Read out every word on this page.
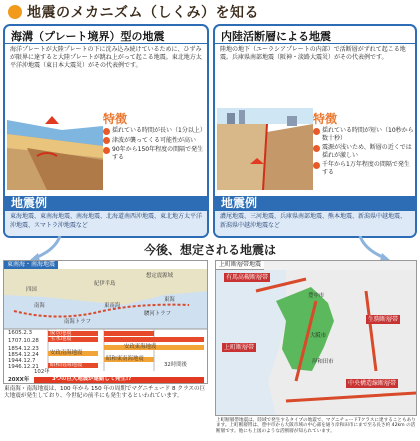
地震のメカニズム（しくみ）を知る
海溝（プレート境界）型の地震
海洋プレートが大陸プレートの下に沈み込み続けているために、ひずみが限界に達すると大陸プレートが跳ね上がって起こる地震。東北地方太平洋沖地震（東日本大震災）がその代表例です。
特徴
揺れている時間が長い（1分以上）
津波が襲ってくる可能性が高い
90年から150年程度の間隔で発生する
地震例
東海地震、東南海地震、南海地震、北海道南西沖地震、東北地方太平洋沖地震、スマトラ沖地震など
内陸活断層による地震
陸地の地下（ユーラシアプレートの内部）で活断層がずれて起こる地震。兵庫県南部地震（阪神・淡路大震災）がその代表例です。
特徴
揺れている時間が短い（10秒から数十秒）
震源が浅いため、断層の近くでは揺れが激しい
千年から1万年程度の間隔で発生する
地震例
濃尾地震、三河地震、兵庫県南部地震、熊本地震、新潟県中越地震、新潟県中越沖地震など
今後、想定される地震は
東南海・南海地震
想定震源域
紀伊半島
四国
南海	東南海
東海
南海トラフ
駿河トラフ
1605.2.3
1707.10.28
1854.12.23
1854.12.24
1944.12.7
1946.12.21
20XX年
慶長地震
宝永地震
安政東海地震
安政南海地震
昭和東南海地震
昭和南海地震
102年
32時間後
3つの巨大地震が連動して発生!?
東南海・南海地震は、100 年から 150 年の周期でマグニチュード 8 クラスの巨大地震が発生しており、今世紀の前半にも発生するといわれています。
上町断層帯地震
有馬高槻断層帯
生駒断層帯
中央構造線断層帯
上町断層帯
豊中市
大阪市
岸和田市
上町断層帯地震は、陸域で発生するタイプの地震で、マグニチュード7クラスに達することもあります。上町断層帯は、豊中市から大阪市域の中心部を通り岸和田市にまで至る長さ約 42km の活断層です。他にも上図のような活断層が知られています。
